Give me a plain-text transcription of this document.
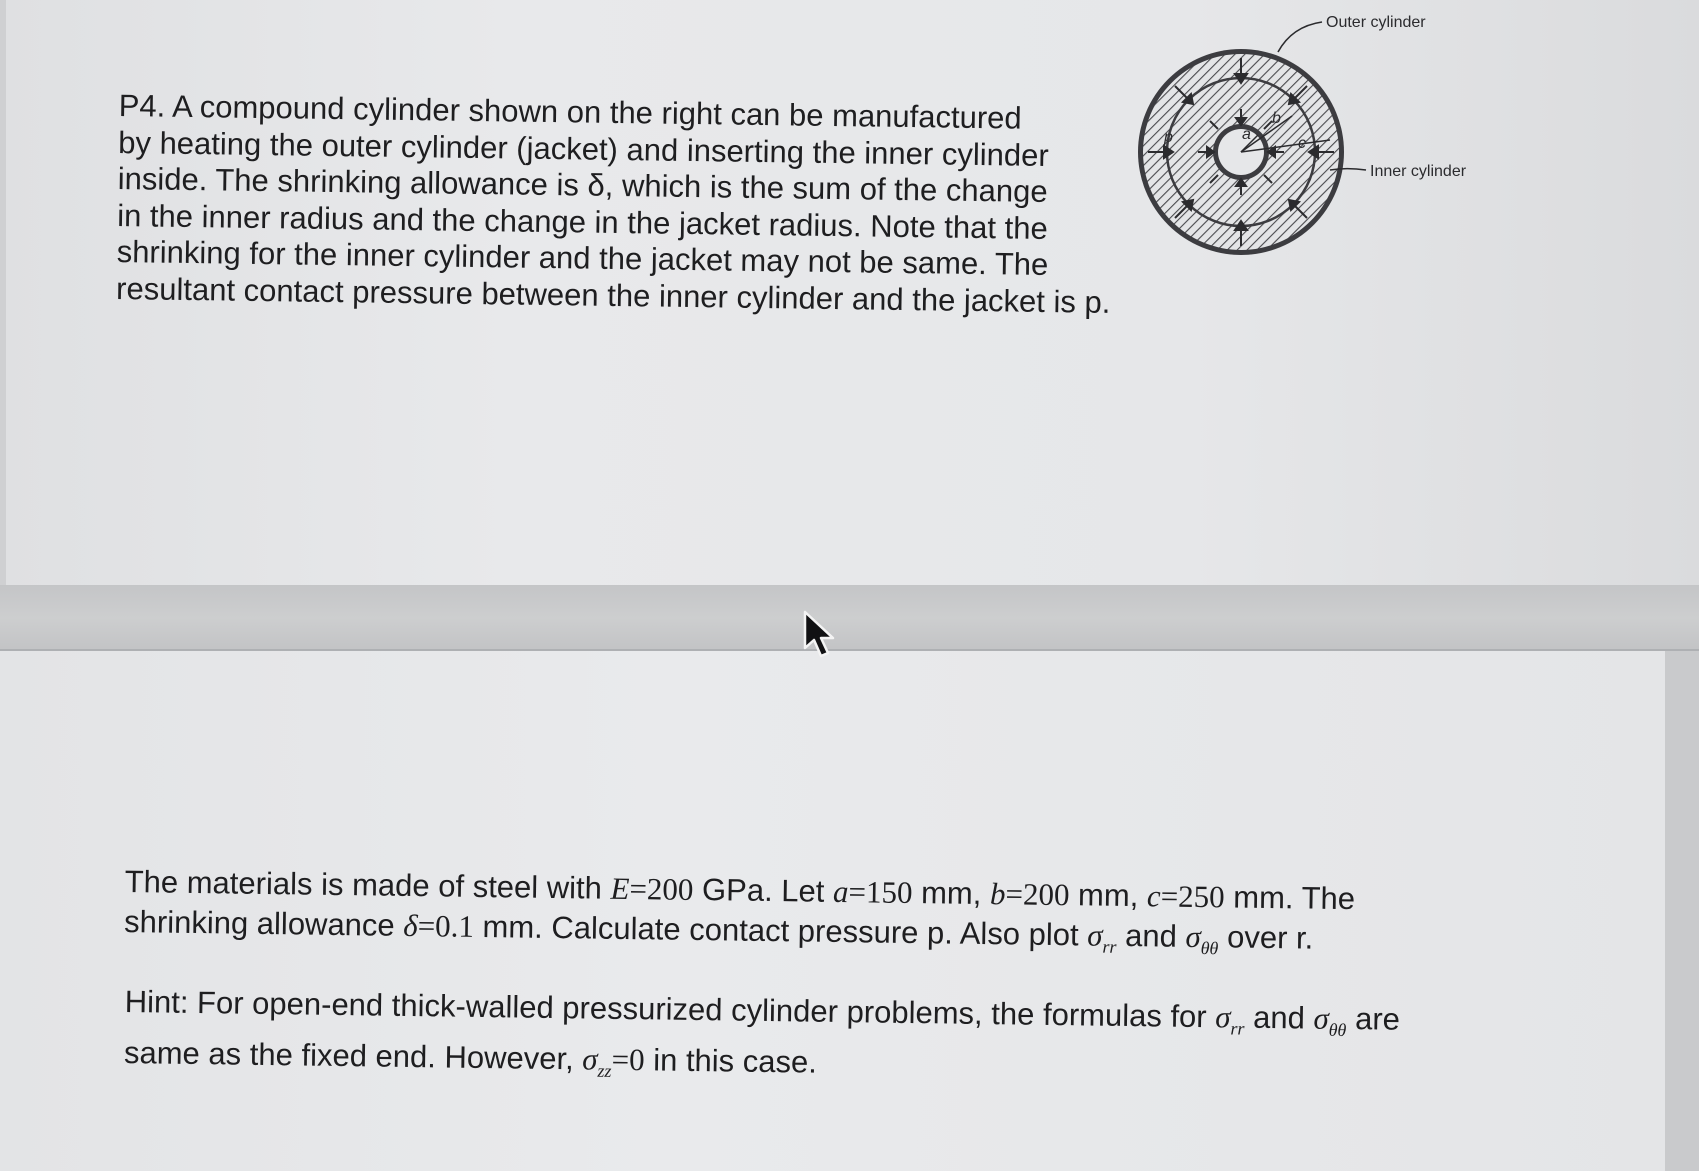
P4. A compound cylinder shown on the right can be manufactured
by heating the outer cylinder (jacket) and inserting the inner cylinder
inside. The shrinking allowance is δ, which is the sum of the change
in the inner radius and the change in the jacket radius. Note that the
shrinking for the inner cylinder and the jacket may not be same. The
resultant contact pressure between the inner cylinder and the jacket is p.
Outer cylinder
Inner cylinder
p	a
b
c
The materials is made of steel with E=200 GPa. Let a=150 mm, b=200 mm, c=250 mm. The
shrinking allowance δ=0.1 mm. Calculate contact pressure p. Also plot $\sigma_{rr}$ and $\sigma_{\theta\theta}$ over r.
Hint: For open-end thick-walled pressurized cylinder problems, the formulas for $\sigma_{rr}$ and $\sigma_{\theta\theta}$ are
same as the fixed end. However, $\sigma_{zz}=0$ in this case.
